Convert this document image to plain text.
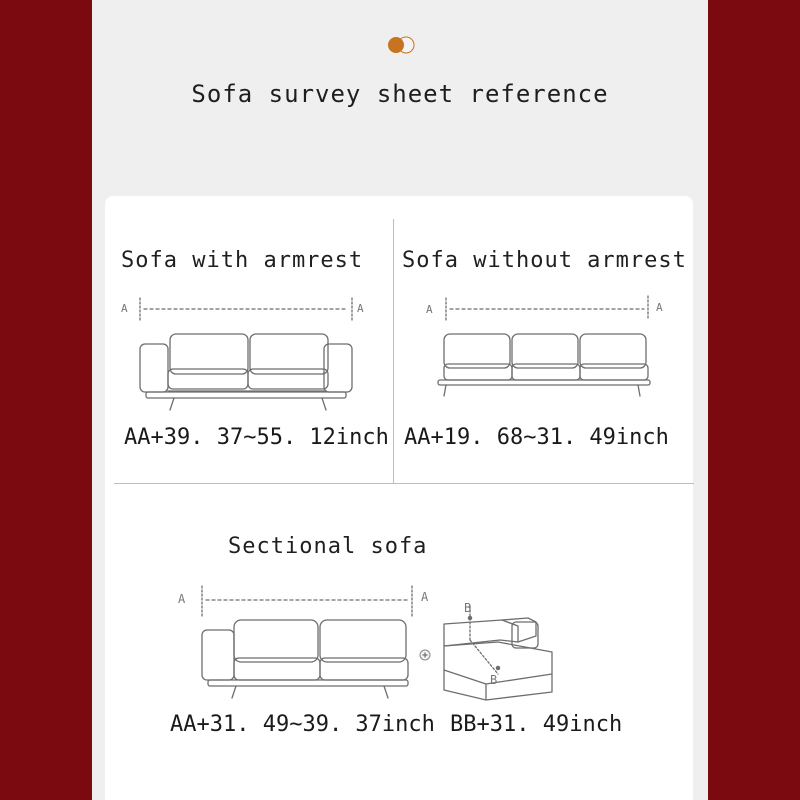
Sofa survey sheet reference
Sofa with armrest
A	A
AA+39. 37~55. 12inch
Sofa without armrest
A	A
AA+19. 68~31. 49inch
Sectional sofa
A	A
B
B
AA+31. 49~39. 37inch BB+31. 49inch
